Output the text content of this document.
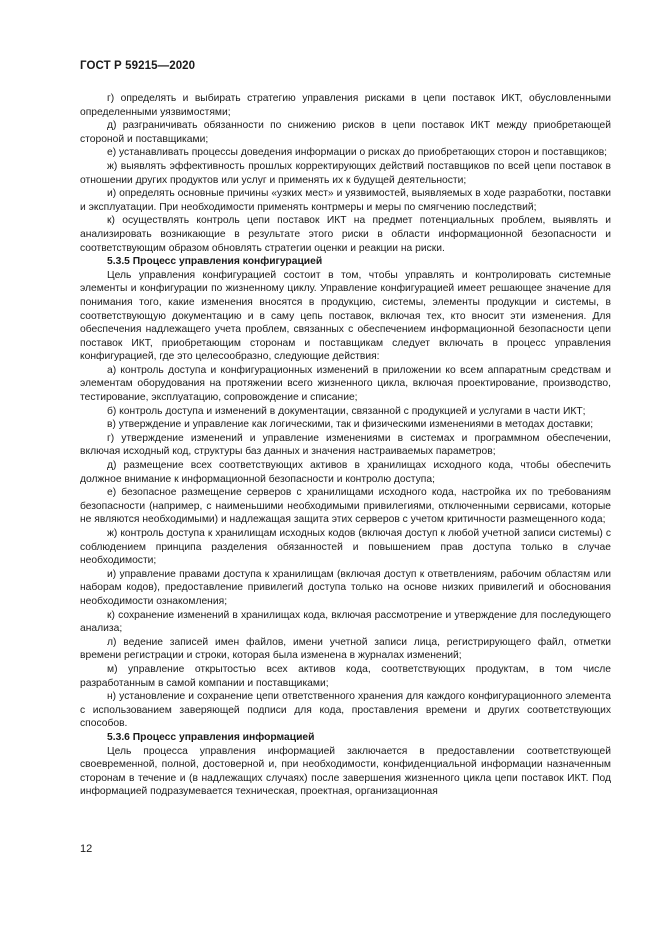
ГОСТ Р 59215—2020

г) определять и выбирать стратегию управления рисками в цепи поставок ИКТ, обусловленными определенными уязвимостями;

д) разграничивать обязанности по снижению рисков в цепи поставок ИКТ между приобретающей стороной и поставщиками;

е) устанавливать процессы доведения информации о рисках до приобретающих сторон и поставщиков;

ж) выявлять эффективность прошлых корректирующих действий поставщиков по всей цепи поставок в отношении других продуктов или услуг и применять их к будущей деятельности;

и) определять основные причины «узких мест» и уязвимостей, выявляемых в ходе разработки, поставки и эксплуатации. При необходимости применять контрмеры и меры по смягчению последствий;

к) осуществлять контроль цепи поставок ИКТ на предмет потенциальных проблем, выявлять и анализировать возникающие в результате этого риски в области информационной безопасности и соответствующим образом обновлять стратегии оценки и реакции на риски.

5.3.5 Процесс управления конфигурацией

Цель управления конфигурацией состоит в том, чтобы управлять и контролировать системные элементы и конфигурации по жизненному циклу. Управление конфигурацией имеет решающее значение для понимания того, какие изменения вносятся в продукцию, системы, элементы продукции и системы, в соответствующую документацию и в саму цепь поставок, включая тех, кто вносит эти изменения. Для обеспечения надлежащего учета проблем, связанных с обеспечением информационной безопасности цепи поставок ИКТ, приобретающим сторонам и поставщикам следует включать в процесс управления конфигурацией, где это целесообразно, следующие действия:

а) контроль доступа и конфигурационных изменений в приложении ко всем аппаратным средствам и элементам оборудования на протяжении всего жизненного цикла, включая проектирование, производство, тестирование, эксплуатацию, сопровождение и списание;

б) контроль доступа и изменений в документации, связанной с продукцией и услугами в части ИКТ;

в) утверждение и управление как логическими, так и физическими изменениями в методах доставки;

г) утверждение изменений и управление изменениями в системах и программном обеспечении, включая исходный код, структуры баз данных и значения настраиваемых параметров;

д) размещение всех соответствующих активов в хранилищах исходного кода, чтобы обеспечить должное внимание к информационной безопасности и контролю доступа;

е) безопасное размещение серверов с хранилищами исходного кода, настройка их по требованиям безопасности (например, с наименьшими необходимыми привилегиями, отключенными сервисами, которые не являются необходимыми) и надлежащая защита этих серверов с учетом критичности размещенного кода;

ж) контроль доступа к хранилищам исходных кодов (включая доступ к любой учетной записи системы) с соблюдением принципа разделения обязанностей и повышением прав доступа только в случае необходимости;

и) управление правами доступа к хранилищам (включая доступ к ответвлениям, рабочим областям или наборам кодов), предоставление привилегий доступа только на основе низких привилегий и обоснования необходимости ознакомления;

к) сохранение изменений в хранилищах кода, включая рассмотрение и утверждение для последующего анализа;

л) ведение записей имен файлов, имени учетной записи лица, регистрирующего файл, отметки времени регистрации и строки, которая была изменена в журналах изменений;

м) управление открытостью всех активов кода, соответствующих продуктам, в том числе разработанным в самой компании и поставщиками;

н) установление и сохранение цепи ответственного хранения для каждого конфигурационного элемента с использованием заверяющей подписи для кода, проставления времени и других соответствующих способов.

5.3.6 Процесс управления информацией

Цель процесса управления информацией заключается в предоставлении соответствующей своевременной, полной, достоверной и, при необходимости, конфиденциальной информации назначенным сторонам в течение и (в надлежащих случаях) после завершения жизненного цикла цепи поставок ИКТ. Под информацией подразумевается техническая, проектная, организационная

12
